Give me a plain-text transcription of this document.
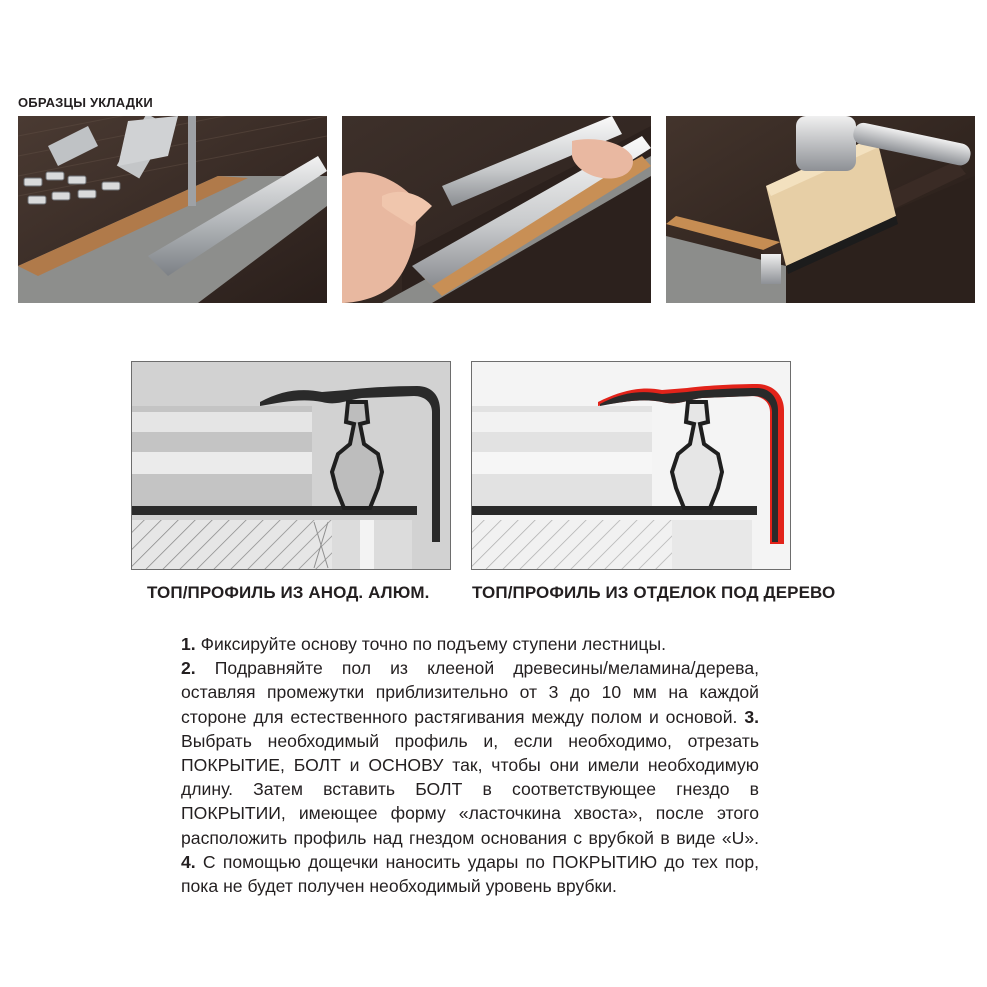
ОБРАЗЦЫ УКЛАДКИ
ТОП/ПРОФИЛЬ ИЗ АНОД. АЛЮМ.	ТОП/ПРОФИЛЬ ИЗ ОТДЕЛОК ПОД ДЕРЕВО
1. Фиксируйте основу точно по подъему ступени лестницы.
2. Подравняйте пол из клееной древесины/меламина/дерева, оставляя промежутки приблизительно от 3 до 10 мм на каждой стороне для естественного растягивания между полом и основой. 3. Выбрать необходимый профиль и, если необходимо, отрезать ПОКРЫТИЕ, БОЛТ и ОСНОВУ так, чтобы они имели необходимую длину. Затем вставить БОЛТ в соответствующее гнездо в ПОКРЫТИИ, имеющее форму «ласточкина хвоста», после этого расположить профиль над гнездом основания с врубкой в виде «U». 4. С помощью дощечки наносить удары по ПОКРЫТИЮ до тех пор, пока не будет получен необходимый уровень врубки.
